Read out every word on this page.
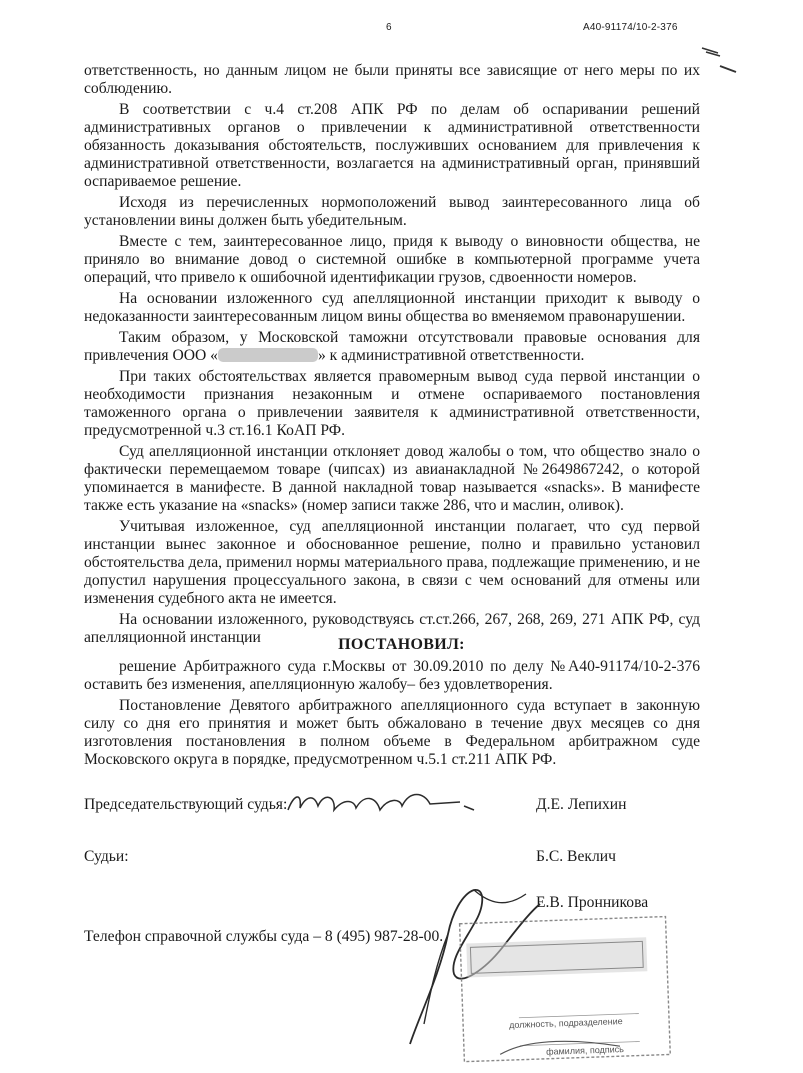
6	А40-91174/10-2-376

ответственность, но данным лицом не были приняты все зависящие от него меры по их соблюдению.

В соответствии с ч.4 ст.208 АПК РФ по делам об оспаривании решений административных органов о привлечении к административной ответственности обязанность доказывания обстоятельств, послуживших основанием для привлечения к административной ответственности, возлагается на административный орган, принявший оспариваемое решение.

Исходя из перечисленных нормоположений вывод заинтересованного лица об установлении вины должен быть убедительным.

Вместе с тем, заинтересованное лицо, придя к выводу о виновности общества, не приняло во внимание довод о системной ошибке в компьютерной программе учета операций, что привело к ошибочной идентификации грузов, сдвоенности номеров.

На основании изложенного суд апелляционной инстанции приходит к выводу о недоказанности заинтересованным лицом вины общества во вменяемом правонарушении.

Таким образом, у Московской таможни отсутствовали правовые основания для привлечения ООО «	» к административной ответственности.

При таких обстоятельствах является правомерным вывод суда первой инстанции о необходимости признания незаконным и отмене оспариваемого постановления таможенного органа о привлечении заявителя к административной ответственности, предусмотренной ч.3 ст.16.1 КоАП РФ.

Суд апелляционной инстанции отклоняет довод жалобы о том, что общество знало о фактически перемещаемом товаре (чипсах) из авианакладной №2649867242, о которой упоминается в манифесте. В данной накладной товар называется «snacks». В манифесте также есть указание на «snacks» (номер записи также 286, что и маслин, оливок).

Учитывая изложенное, суд апелляционной инстанции полагает, что суд первой инстанции вынес законное и обоснованное решение, полно и правильно установил обстоятельства дела, применил нормы материального права, подлежащие применению, и не допустил нарушения процессуального закона, в связи с чем оснований для отмены или изменения судебного акта не имеется.

На основании изложенного, руководствуясь ст.ст.266, 267, 268, 269, 271 АПК РФ, суд апелляционной инстанции	ПОСТАНОВИЛ:

решение Арбитражного суда г.Москвы от 30.09.2010 по делу №А40-91174/10-2-376 оставить без изменения, апелляционную жалобу– без удовлетворения.

Постановление Девятого арбитражного апелляционного суда вступает в законную силу со дня его принятия и может быть обжаловано в течение двух месяцев со дня изготовления постановления в полном объеме в Федеральном арбитражном суде Московского округа в порядке, предусмотренном ч.5.1 ст.211 АПК РФ.

Председательствующий судья:	Д.Е. Лепихин
Судьи:	Б.С. Веклич
Е.В. Пронникова
Телефон справочной службы суда – 8 (495) 987-28-00.
должность, подразделение
фамилия, подпись
